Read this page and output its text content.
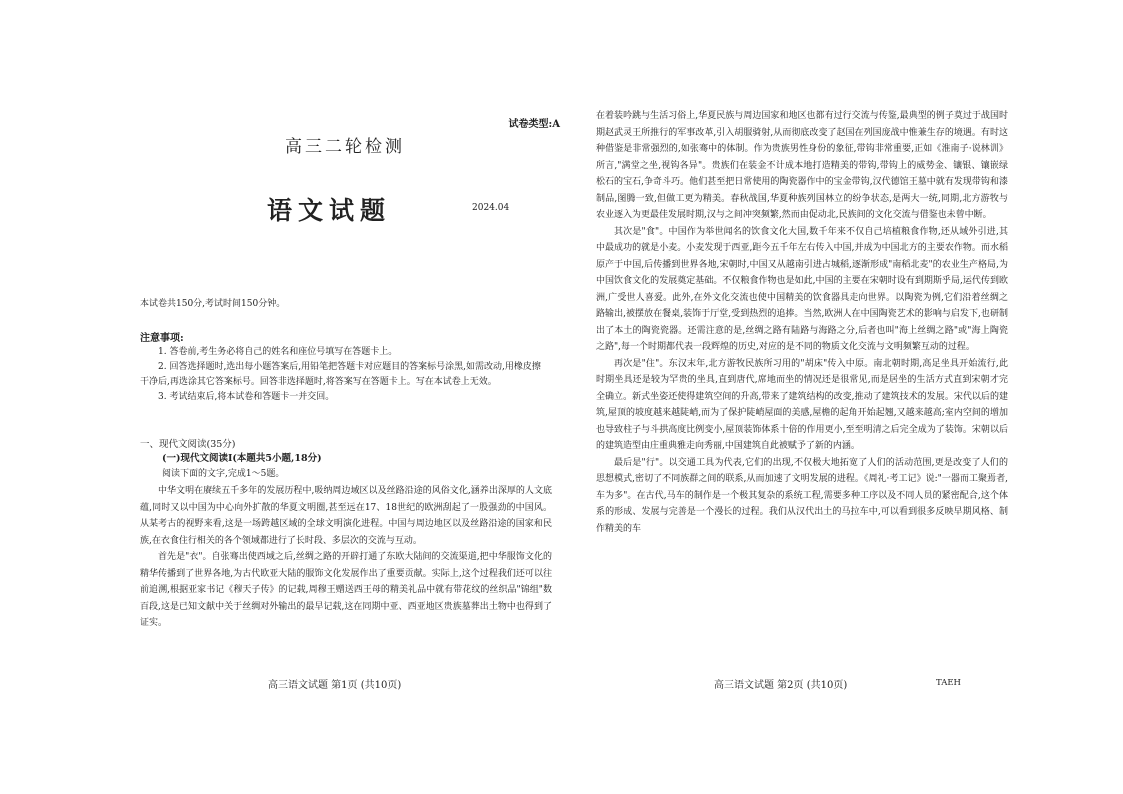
试卷类型:A
高三二轮检测
语文试题	2024.04
本试卷共150分,考试时间150分钟。
注意事项:

1. 答卷前,考生务必将自己的姓名和座位号填写在答题卡上。

2. 回答选择题时,选出每小题答案后,用铅笔把答题卡对应题目的答案标号涂黑,如需改动,用橡皮擦干净后,再选涂其它答案标号。回答非选择题时,将答案写在答题卡上。写在本试卷上无效。

3. 考试结束后,将本试卷和答题卡一并交回。

一、现代文阅读(35分)
(一)现代文阅读Ⅰ(本题共5小题,18分)
阅读下面的文字,完成1～5题。

中华文明在赓续五千多年的发展历程中,吸纳周边域区以及丝路沿途的风俗文化,涵养出深厚的人文底蕴,同时又以中国为中心向外扩散的华夏文明圈,甚至远在17、18世纪的欧洲刮起了一股强劲的中国风。从某考古的视野来看,这是一场跨越区域的全球文明演化进程。中国与周边地区以及丝路沿途的国家和民族,在衣食住行相关的各个领域都进行了长时段、多层次的交流与互动。

首先是"衣"。自张骞出使西域之后,丝绸之路的开辟打通了东欧大陆间的交流渠道,把中华服饰文化的精华传播到了世界各地,为古代欧亚大陆的服饰文化发展作出了重要贡献。实际上,这个过程我们还可以往前追溯,根据亚家书记《穆天子传》的记载,周穆王赠送西王母的精美礼品中就有带花纹的丝织品"锦组"数百段,这是已知文献中关于丝绸对外输出的最早记载,这在同期中亚、西亚地区贵族墓葬出土物中也得到了证实。

高三语文试题 第1页 (共10页)

在着装吟跳与生活习俗上,华夏民族与周边国家和地区也都有过行交流与传鉴,最典型的例子莫过于战国时期赵武灵王所推行的军事改革,引入胡服骑射,从而彻底改变了赵国在列国庞战中惟兼生存的境遇。有时这种借鉴是非常强烈的,如张骞中的体制。作为贵族男性身份的象征,带钩非常重要,正如《淮南子·说林训》所言,"满堂之坐,视钩各异"。贵族们在装金不计成本地打造精美的带钩,带钩上的威势金、镶银、镶嵌绿松石的宝石,争奇斗巧。他们甚至把日常使用的陶瓷器作中的宝金带钩,汉代德馆王墓中就有发现带钩和漆制品,图腾一致,但做工更为精美。春秋战国,华夏种族列国林立的纷争状态,是两大一统,同期,北方游牧与农业逐入为更最佳发展时期,汉与之间冲突频繁,然而由促动北,民族间的文化交流与借鉴也未曾中断。

其次是"食"。中国作为举世闻名的饮食文化大国,数千年来不仅自己培植粮食作物,还从域外引进,其中最成功的就是小麦。小麦发现于西亚,距今五千年左右传入中国,并成为中国北方的主要农作物。而水稻原产于中国,后传播到世界各地,宋朝时,中国又从越南引进占城稻,逐渐形成"南稻北麦"的农业生产格局,为中国饮食文化的发展奠定基础。不仅粮食作物也是如此,中国的主要在宋朝时设有到期斯乎局,运代传到欧洲,广受世人喜爱。此外,在外文化交流也使中国精美的饮食器具走向世界。以陶瓷为例,它们沿着丝绸之路输出,被摆放在餐桌,装饰于厅堂,受到热烈的追捧。当然,欧洲人在中国陶瓷艺术的影响与启发下,也研制出了本土的陶瓷瓷器。还需注意的是,丝绸之路有陆路与海路之分,后者也叫"海上丝绸之路"或"海上陶瓷之路",每一个时期都代表一段辉煌的历史,对应的是不同的物质文化交流与文明频繁互动的过程。

再次是"住"。东汉末年,北方游牧民族所习用的"胡床"传入中原。南北朝时期,高足坐具开始流行,此时期坐具还是较为罕贵的坐具,直到唐代,席地而坐的情况还是很常见,而是居坐的生活方式直到宋朝才完全确立。新式坐姿还使得建筑空间的升高,带来了建筑结构的改变,推动了建筑技术的发展。宋代以后的建筑,屋顶的坡度越来越陡峭,而为了保护陡峭屋面的美感,屋檐的起角开始起翘,又越来越高;室内空间的增加也导致柱子与斗拱高度比例变小,屋顶装饰体系十倍的作用更小,至至明清之后完全成为了装饰。宋朝以后的建筑造型由庄重典雅走向秀丽,中国建筑自此被赋予了新的内涵。

最后是"行"。以交通工具为代表,它们的出现,不仅极大地拓宽了人们的活动范围,更是改变了人们的思想模式,密切了不同族群之间的联系,从而加速了文明发展的进程。《周礼·考工记》说:"一器而工聚焉者,车为多"。在古代,马车的制作是一个极其复杂的系统工程,需要多种工序以及不同人员的紧密配合,这个体系的形成、发展与完善是一个漫长的过程。我们从汉代出土的马拉车中,可以看到很多反映早期风格、制作精美的车

高三语文试题 第2页 (共10页)	TAEH
